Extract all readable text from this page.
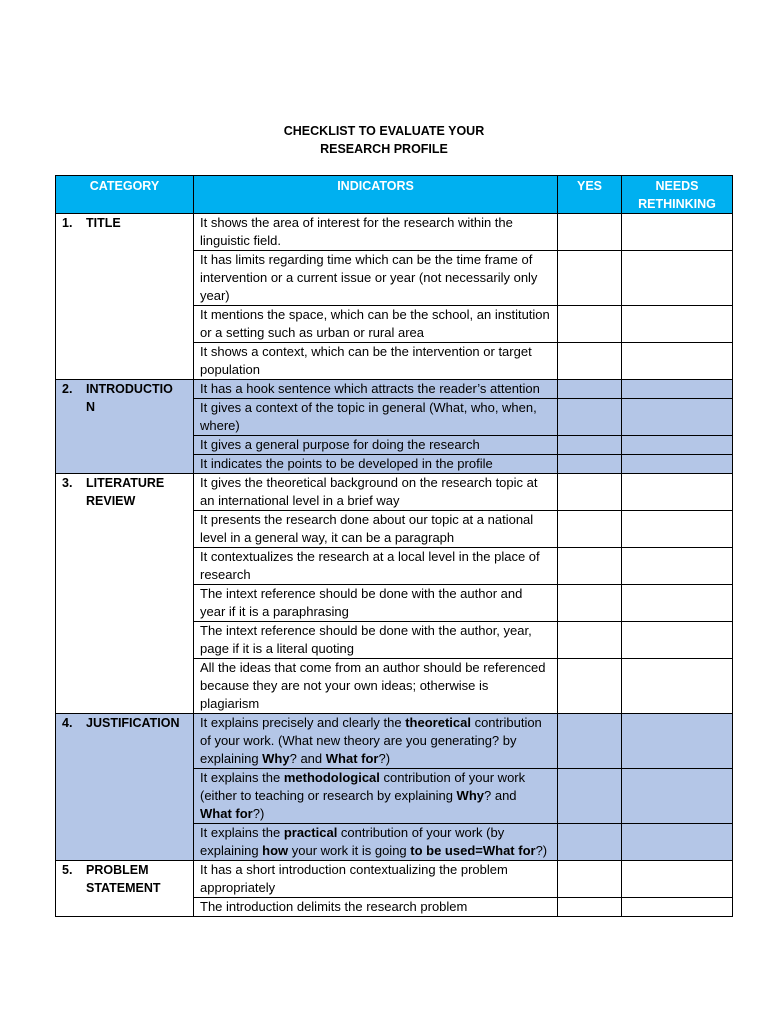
CHECKLIST TO EVALUATE YOUR
RESEARCH PROFILE
CATEGORY	INDICATORS	YES	NEEDS RETHINKING
1. TITLE	It shows the area of interest for the research within the linguistic field.		
	It has limits regarding time which can be the time frame of intervention or a current issue or year (not necessarily only year)		
	It mentions the space, which can be the school, an institution or a setting such as urban or rural area		
	It shows a context, which can be the intervention or target population		
2. INTRODUCTIO N	It has a hook sentence which attracts the reader’s attention		
	It gives a context of the topic in general (What, who, when, where)		
	It gives a general purpose for doing the research		
	It indicates the points to be developed in the profile		
3. LITERATURE REVIEW	It gives the theoretical background on the research topic at an international level in a brief way		
	It presents the research done about our topic at a national level in a general way, it can be a paragraph		
	It contextualizes the research at a local level in the place of research		
	The intext reference should be done with the author and year if it is a paraphrasing		
	The intext reference should be done with the author, year, page if it is a literal quoting		
	All the ideas that come from an author should be referenced because they are not your own ideas; otherwise is plagiarism		
4. JUSTIFICATION	It explains precisely and clearly the theoretical contribution of your work. (What new theory are you generating? by explaining Why? and What for?)		
	It explains the methodological contribution of your work (either to teaching or research by explaining Why? and What for?)		
	It explains the practical contribution of your work (by explaining how your work it is going to be used=What for?)		
5. PROBLEM STATEMENT	It has a short introduction contextualizing the problem appropriately		
	The introduction delimits the research problem		
